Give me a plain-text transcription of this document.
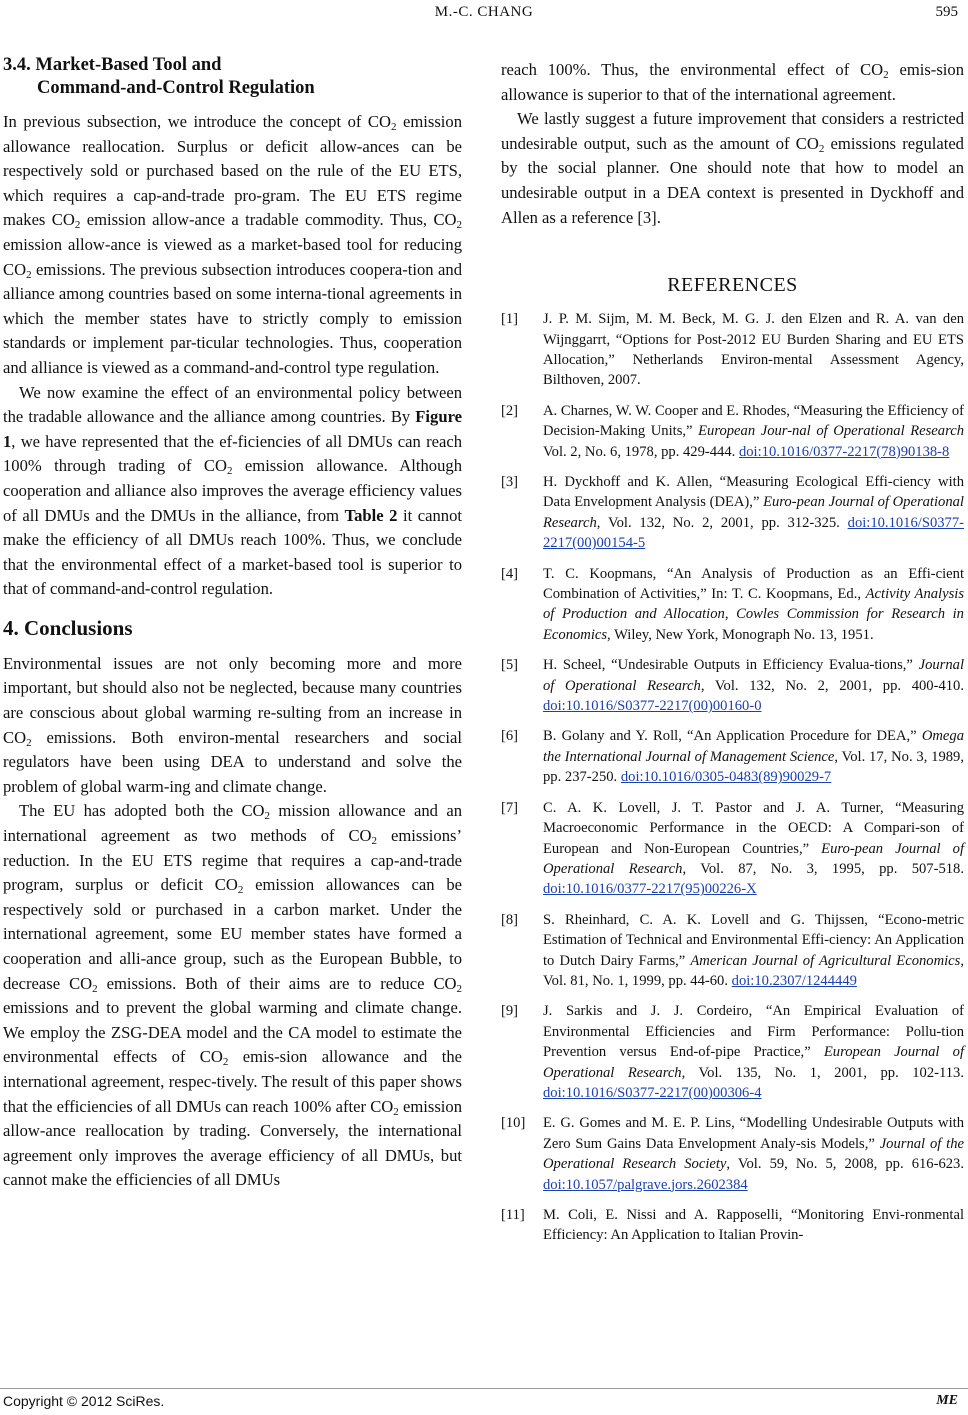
M.-C. CHANG	595
3.4. Market-Based Tool and
Command-and-Control Regulation

In previous subsection, we introduce the concept of $CO_2$ emission allowance reallocation. Surplus or deficit allow-ances can be respectively sold or purchased based on the rule of the EU ETS, which requires a cap-and-trade pro-gram. The EU ETS regime makes $CO_2$ emission allow-ance a tradable commodity. Thus, $CO_2$ emission allow-ance is viewed as a market-based tool for reducing $CO_2$ emissions. The previous subsection introduces coopera-tion and alliance among countries based on some interna-tional agreements in which the member states have to strictly comply to emission standards or implement par-ticular technologies. Thus, cooperation and alliance is viewed as a command-and-control type regulation.

We now examine the effect of an environmental policy between the tradable allowance and the alliance among countries. By Figure 1, we have represented that the ef-ficiencies of all DMUs can reach 100% through trading of $CO_2$ emission allowance. Although cooperation and alliance also improves the average efficiency values of all DMUs and the DMUs in the alliance, from Table 2 it cannot make the efficiency of all DMUs reach 100%. Thus, we conclude that the environmental effect of a market-based tool is superior to that of command-and-control regulation.

4. Conclusions

Environmental issues are not only becoming more and more important, but should also not be neglected, because many countries are conscious about global warming re-sulting from an increase in $CO_2$ emissions. Both environ-mental researchers and social regulators have been using DEA to understand and solve the problem of global warm-ing and climate change.

The EU has adopted both the $CO_2$ mission allowance and an international agreement as two methods of $CO_2$ emissions’ reduction. In the EU ETS regime that requires a cap-and-trade program, surplus or deficit $CO_2$ emission allowances can be respectively sold or purchased in a carbon market. Under the international agreement, some EU member states have formed a cooperation and alli-ance group, such as the European Bubble, to decrease $CO_2$ emissions. Both of their aims are to reduce $CO_2$ emissions and to prevent the global warming and climate change. We employ the ZSG-DEA model and the CA model to estimate the environmental effects of $CO_2$ emis-sion allowance and the international agreement, respec-tively. The result of this paper shows that the efficiencies of all DMUs can reach 100% after $CO_2$ emission allow-ance reallocation by trading. Conversely, the international agreement only improves the average efficiency of all DMUs, but cannot make the efficiencies of all DMUs

reach 100%. Thus, the environmental effect of $CO_2$ emis-sion allowance is superior to that of the international agreement.

We lastly suggest a future improvement that considers a restricted undesirable output, such as the amount of $CO_2$ emissions regulated by the social planner. One should note that how to model an undesirable output in a DEA context is presented in Dyckhoff and Allen as a reference [3].

REFERENCES
[1]	J. P. M. Sijm, M. M. Beck, M. G. J. den Elzen and R. A. van den Wijnggarrt, “Options for Post-2012 EU Burden Sharing and EU ETS Allocation,” Netherlands Environ-mental Assessment Agency, Bilthoven, 2007.
[2]	A. Charnes, W. W. Cooper and E. Rhodes, “Measuring the Efficiency of Decision-Making Units,” European Jour-nal of Operational Research Vol. 2, No. 6, 1978, pp. 429-444. doi:10.1016/0377-2217(78)90138-8
[3]	H. Dyckhoff and K. Allen, “Measuring Ecological Effi-ciency with Data Envelopment Analysis (DEA),” Euro-pean Journal of Operational Research, Vol. 132, No. 2, 2001, pp. 312-325. doi:10.1016/S0377-2217(00)00154-5
[4]	T. C. Koopmans, “An Analysis of Production as an Effi-cient Combination of Activities,” In: T. C. Koopmans, Ed., Activity Analysis of Production and Allocation, Cowles Commission for Research in Economics, Wiley, New York, Monograph No. 13, 1951.
[5]	H. Scheel, “Undesirable Outputs in Efficiency Evalua-tions,” Journal of Operational Research, Vol. 132, No. 2, 2001, pp. 400-410. doi:10.1016/S0377-2217(00)00160-0
[6]	B. Golany and Y. Roll, “An Application Procedure for DEA,” Omega the International Journal of Management Science, Vol. 17, No. 3, 1989, pp. 237-250. doi:10.1016/0305-0483(89)90029-7
[7]	C. A. K. Lovell, J. T. Pastor and J. A. Turner, “Measuring Macroeconomic Performance in the OECD: A Compari-son of European and Non-European Countries,” Euro-pean Journal of Operational Research, Vol. 87, No. 3, 1995, pp. 507-518. doi:10.1016/0377-2217(95)00226-X
[8]	S. Rheinhard, C. A. K. Lovell and G. Thijssen, “Econo-metric Estimation of Technical and Environmental Effi-ciency: An Application to Dutch Dairy Farms,” American Journal of Agricultural Economics, Vol. 81, No. 1, 1999, pp. 44-60. doi:10.2307/1244449
[9]	J. Sarkis and J. J. Cordeiro, “An Empirical Evaluation of Environmental Efficiencies and Firm Performance: Pollu-tion Prevention versus End-of-pipe Practice,” European Journal of Operational Research, Vol. 135, No. 1, 2001, pp. 102-113. doi:10.1016/S0377-2217(00)00306-4
[10]	E. G. Gomes and M. E. P. Lins, “Modelling Undesirable Outputs with Zero Sum Gains Data Envelopment Analy-sis Models,” Journal of the Operational Research Society, Vol. 59, No. 5, 2008, pp. 616-623. doi:10.1057/palgrave.jors.2602384
[11]	M. Coli, E. Nissi and A. Rapposelli, “Monitoring Envi-ronmental Efficiency: An Application to Italian Provin-
Copyright © 2012 SciRes.	ME
